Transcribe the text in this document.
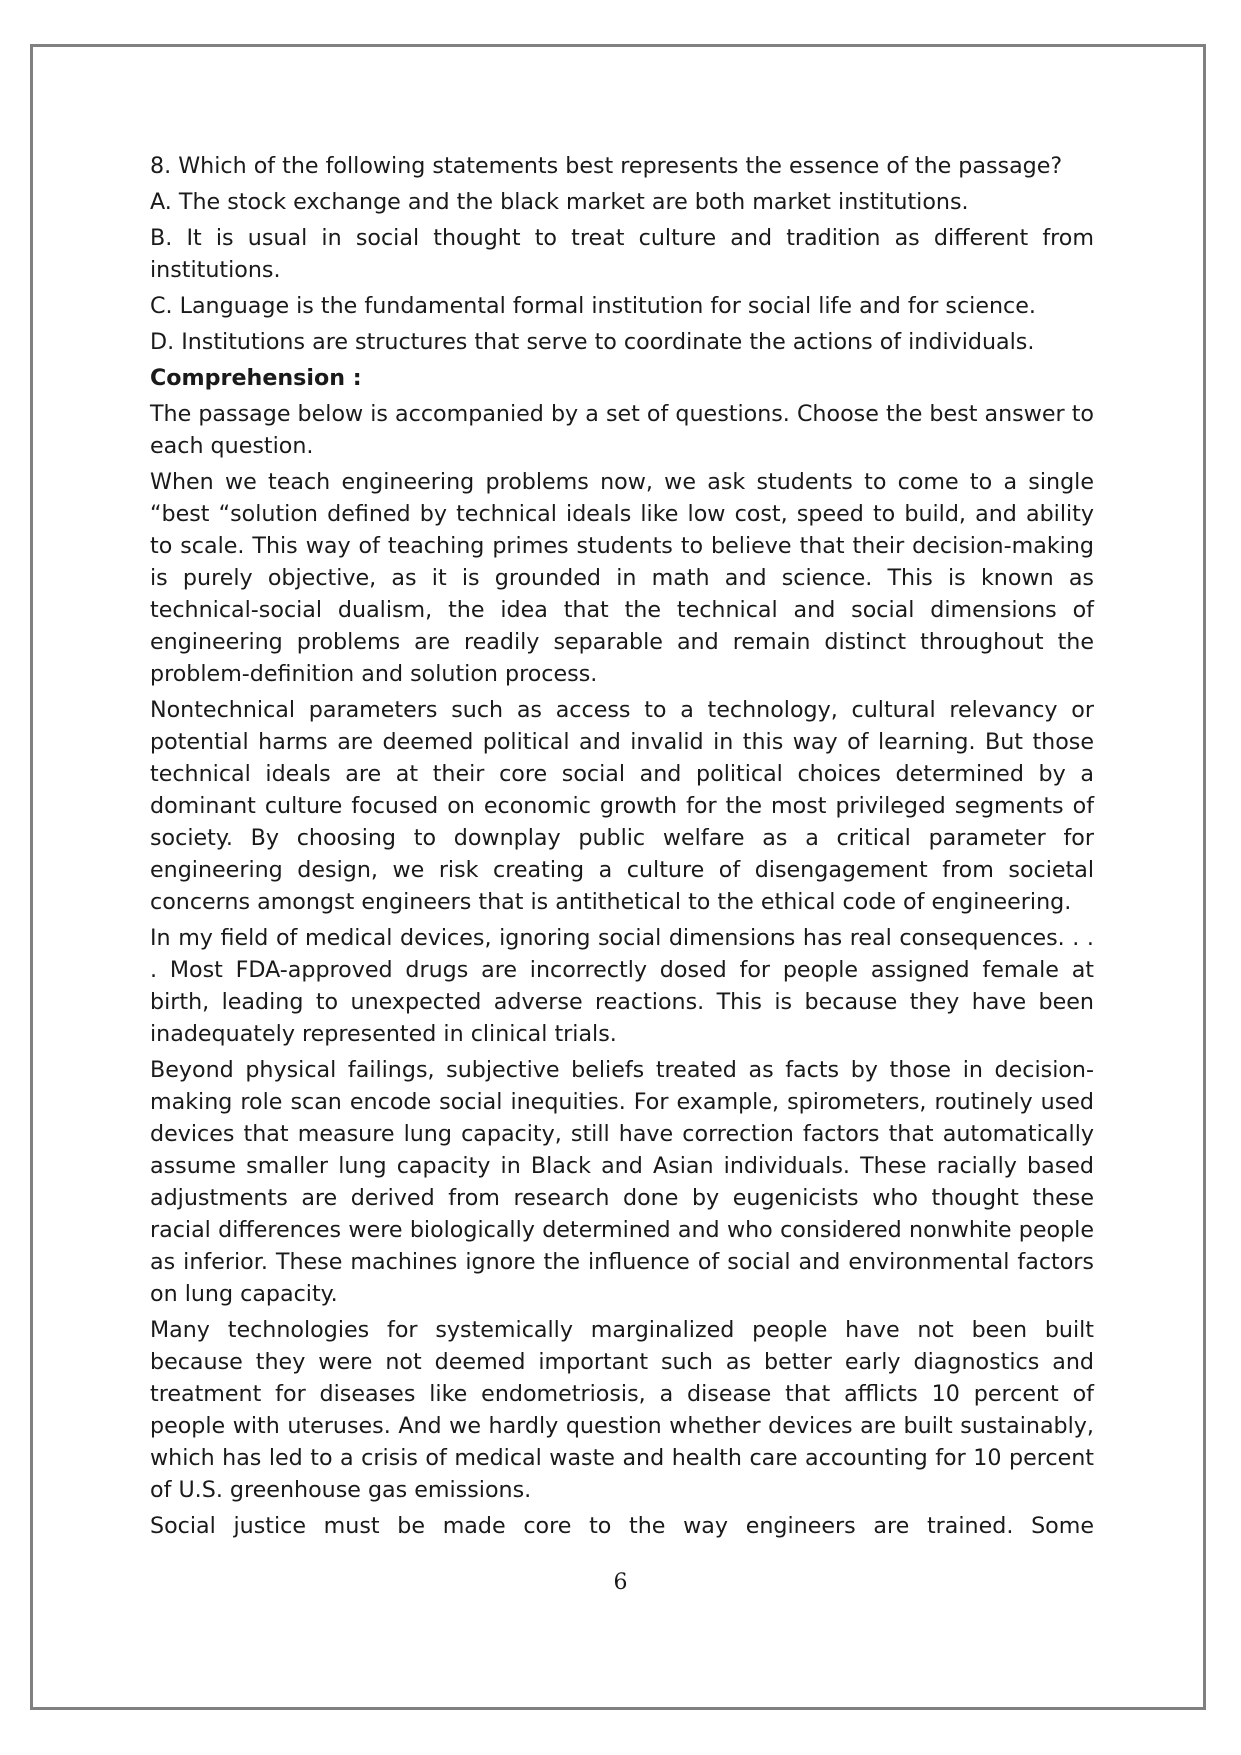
8. Which of the following statements best represents the essence of the passage?

A. The stock exchange and the black market are both market institutions.

B. It is usual in social thought to treat culture and tradition as different from institutions.

C. Language is the fundamental formal institution for social life and for science.

D. Institutions are structures that serve to coordinate the actions of individuals.

Comprehension :

The passage below is accompanied by a set of questions. Choose the best answer to each question.

When we teach engineering problems now, we ask students to come to a single “best “solution defined by technical ideals like low cost, speed to build, and ability to scale. This way of teaching primes students to believe that their decision-making is purely objective, as it is grounded in math and science. This is known as technical-social dualism, the idea that the technical and social dimensions of engineering problems are readily separable and remain distinct throughout the problem-definition and solution process.

Nontechnical parameters such as access to a technology, cultural relevancy or potential harms are deemed political and invalid in this way of learning. But those technical ideals are at their core social and political choices determined by a dominant culture focused on economic growth for the most privileged segments of society. By choosing to downplay public welfare as a critical parameter for engineering design, we risk creating a culture of disengagement from societal concerns amongst engineers that is antithetical to the ethical code of engineering.

In my field of medical devices, ignoring social dimensions has real consequences. . . . Most FDA-approved drugs are incorrectly dosed for people assigned female at birth, leading to unexpected adverse reactions. This is because they have been inadequately represented in clinical trials.

Beyond physical failings, subjective beliefs treated as facts by those in decision-making role scan encode social inequities. For example, spirometers, routinely used devices that measure lung capacity, still have correction factors that automatically assume smaller lung capacity in Black and Asian individuals. These racially based adjustments are derived from research done by eugenicists who thought these racial differences were biologically determined and who considered nonwhite people as inferior. These machines ignore the influence of social and environmental factors on lung capacity.

Many technologies for systemically marginalized people have not been built because they were not deemed important such as better early diagnostics and treatment for diseases like endometriosis, a disease that afflicts 10 percent of people with uteruses. And we hardly question whether devices are built sustainably, which has led to a crisis of medical waste and health care accounting for 10 percent of U.S. greenhouse gas emissions.

Social justice must be made core to the way engineers are trained. Some

6
